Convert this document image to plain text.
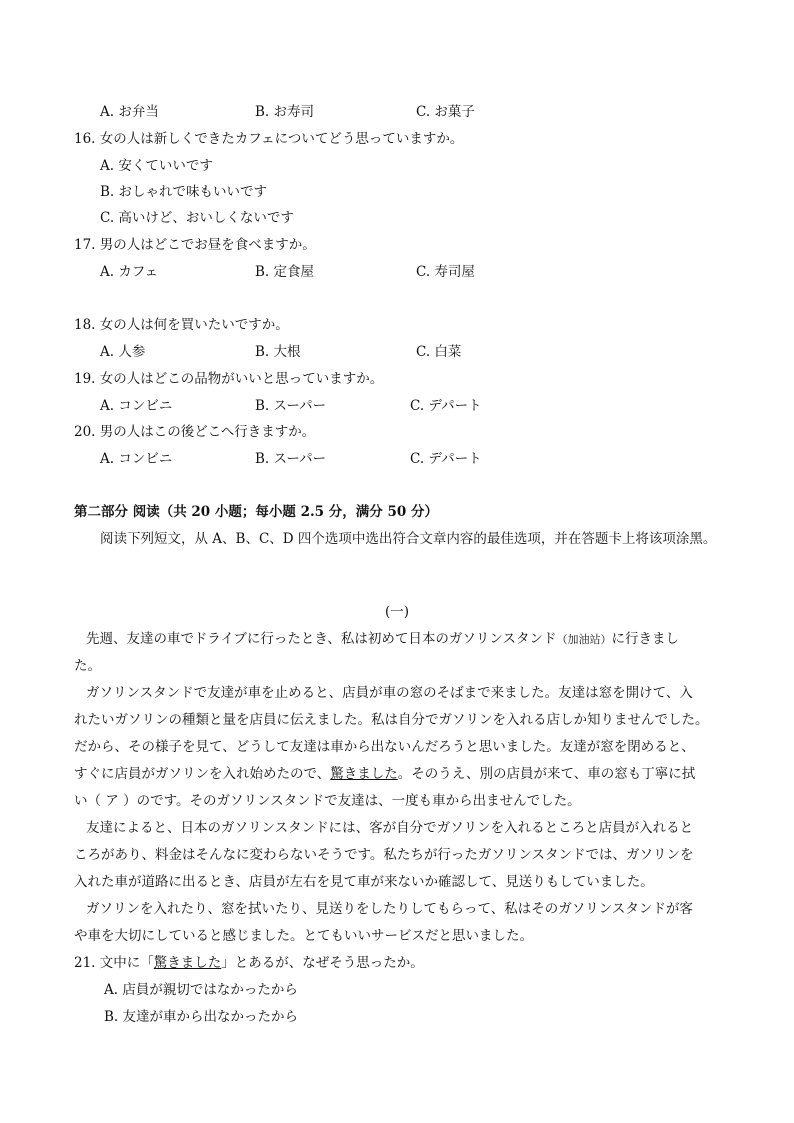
A. お弁当	B. お寿司	C. お菓子
16. 女の人は新しくできたカフェについてどう思っていますか。
A. 安くていいです
B. おしゃれで味もいいです
C. 高いけど、おいしくないです
17. 男の人はどこでお昼を食べますか。
A. カフェ	B. 定食屋	C. 寿司屋
18. 女の人は何を買いたいですか。
A. 人参	B. 大根	C. 白菜
19. 女の人はどこの品物がいいと思っていますか。
A. コンビニ	B. スーパー	C. デパート
20. 男の人はこの後どこへ行きますか。
A. コンビニ	B. スーパー	C. デパート
第二部分 阅读（共 20 小题；每小题 2.5 分，满分 50 分）
阅读下列短文，从 A、B、C、D 四个选项中选出符合文章内容的最佳选项，并在答题卡上将该项涂黑。
(一)
先週、友達の車でドライブに行ったとき、私は初めて日本のガソリンスタンド（加油站）に行きまし
た。
ガソリンスタンドで友達が車を止めると、店員が車の窓のそばまで来ました。友達は窓を開けて、入
れたいガソリンの種類と量を店員に伝えました。私は自分でガソリンを入れる店しか知りませんでした。
だから、その様子を見て、どうして友達は車から出ないんだろうと思いました。友達が窓を閉めると、
すぐに店員がガソリンを入れ始めたので、驚きました。そのうえ、別の店員が来て、車の窓も丁寧に拭
い（ ア ）のです。そのガソリンスタンドで友達は、一度も車から出ませんでした。
友達によると、日本のガソリンスタンドには、客が自分でガソリンを入れるところと店員が入れると
ころがあり、料金はそんなに変わらないそうです。私たちが行ったガソリンスタンドでは、ガソリンを
入れた車が道路に出るとき、店員が左右を見て車が来ないか確認して、見送りもしていました。
ガソリンを入れたり、窓を拭いたり、見送りをしたりしてもらって、私はそのガソリンスタンドが客
や車を大切にしていると感じました。とてもいいサービスだと思いました。
21. 文中に「驚きました」とあるが、なぜそう思ったか。
A. 店員が親切ではなかったから
B. 友達が車から出なかったから
